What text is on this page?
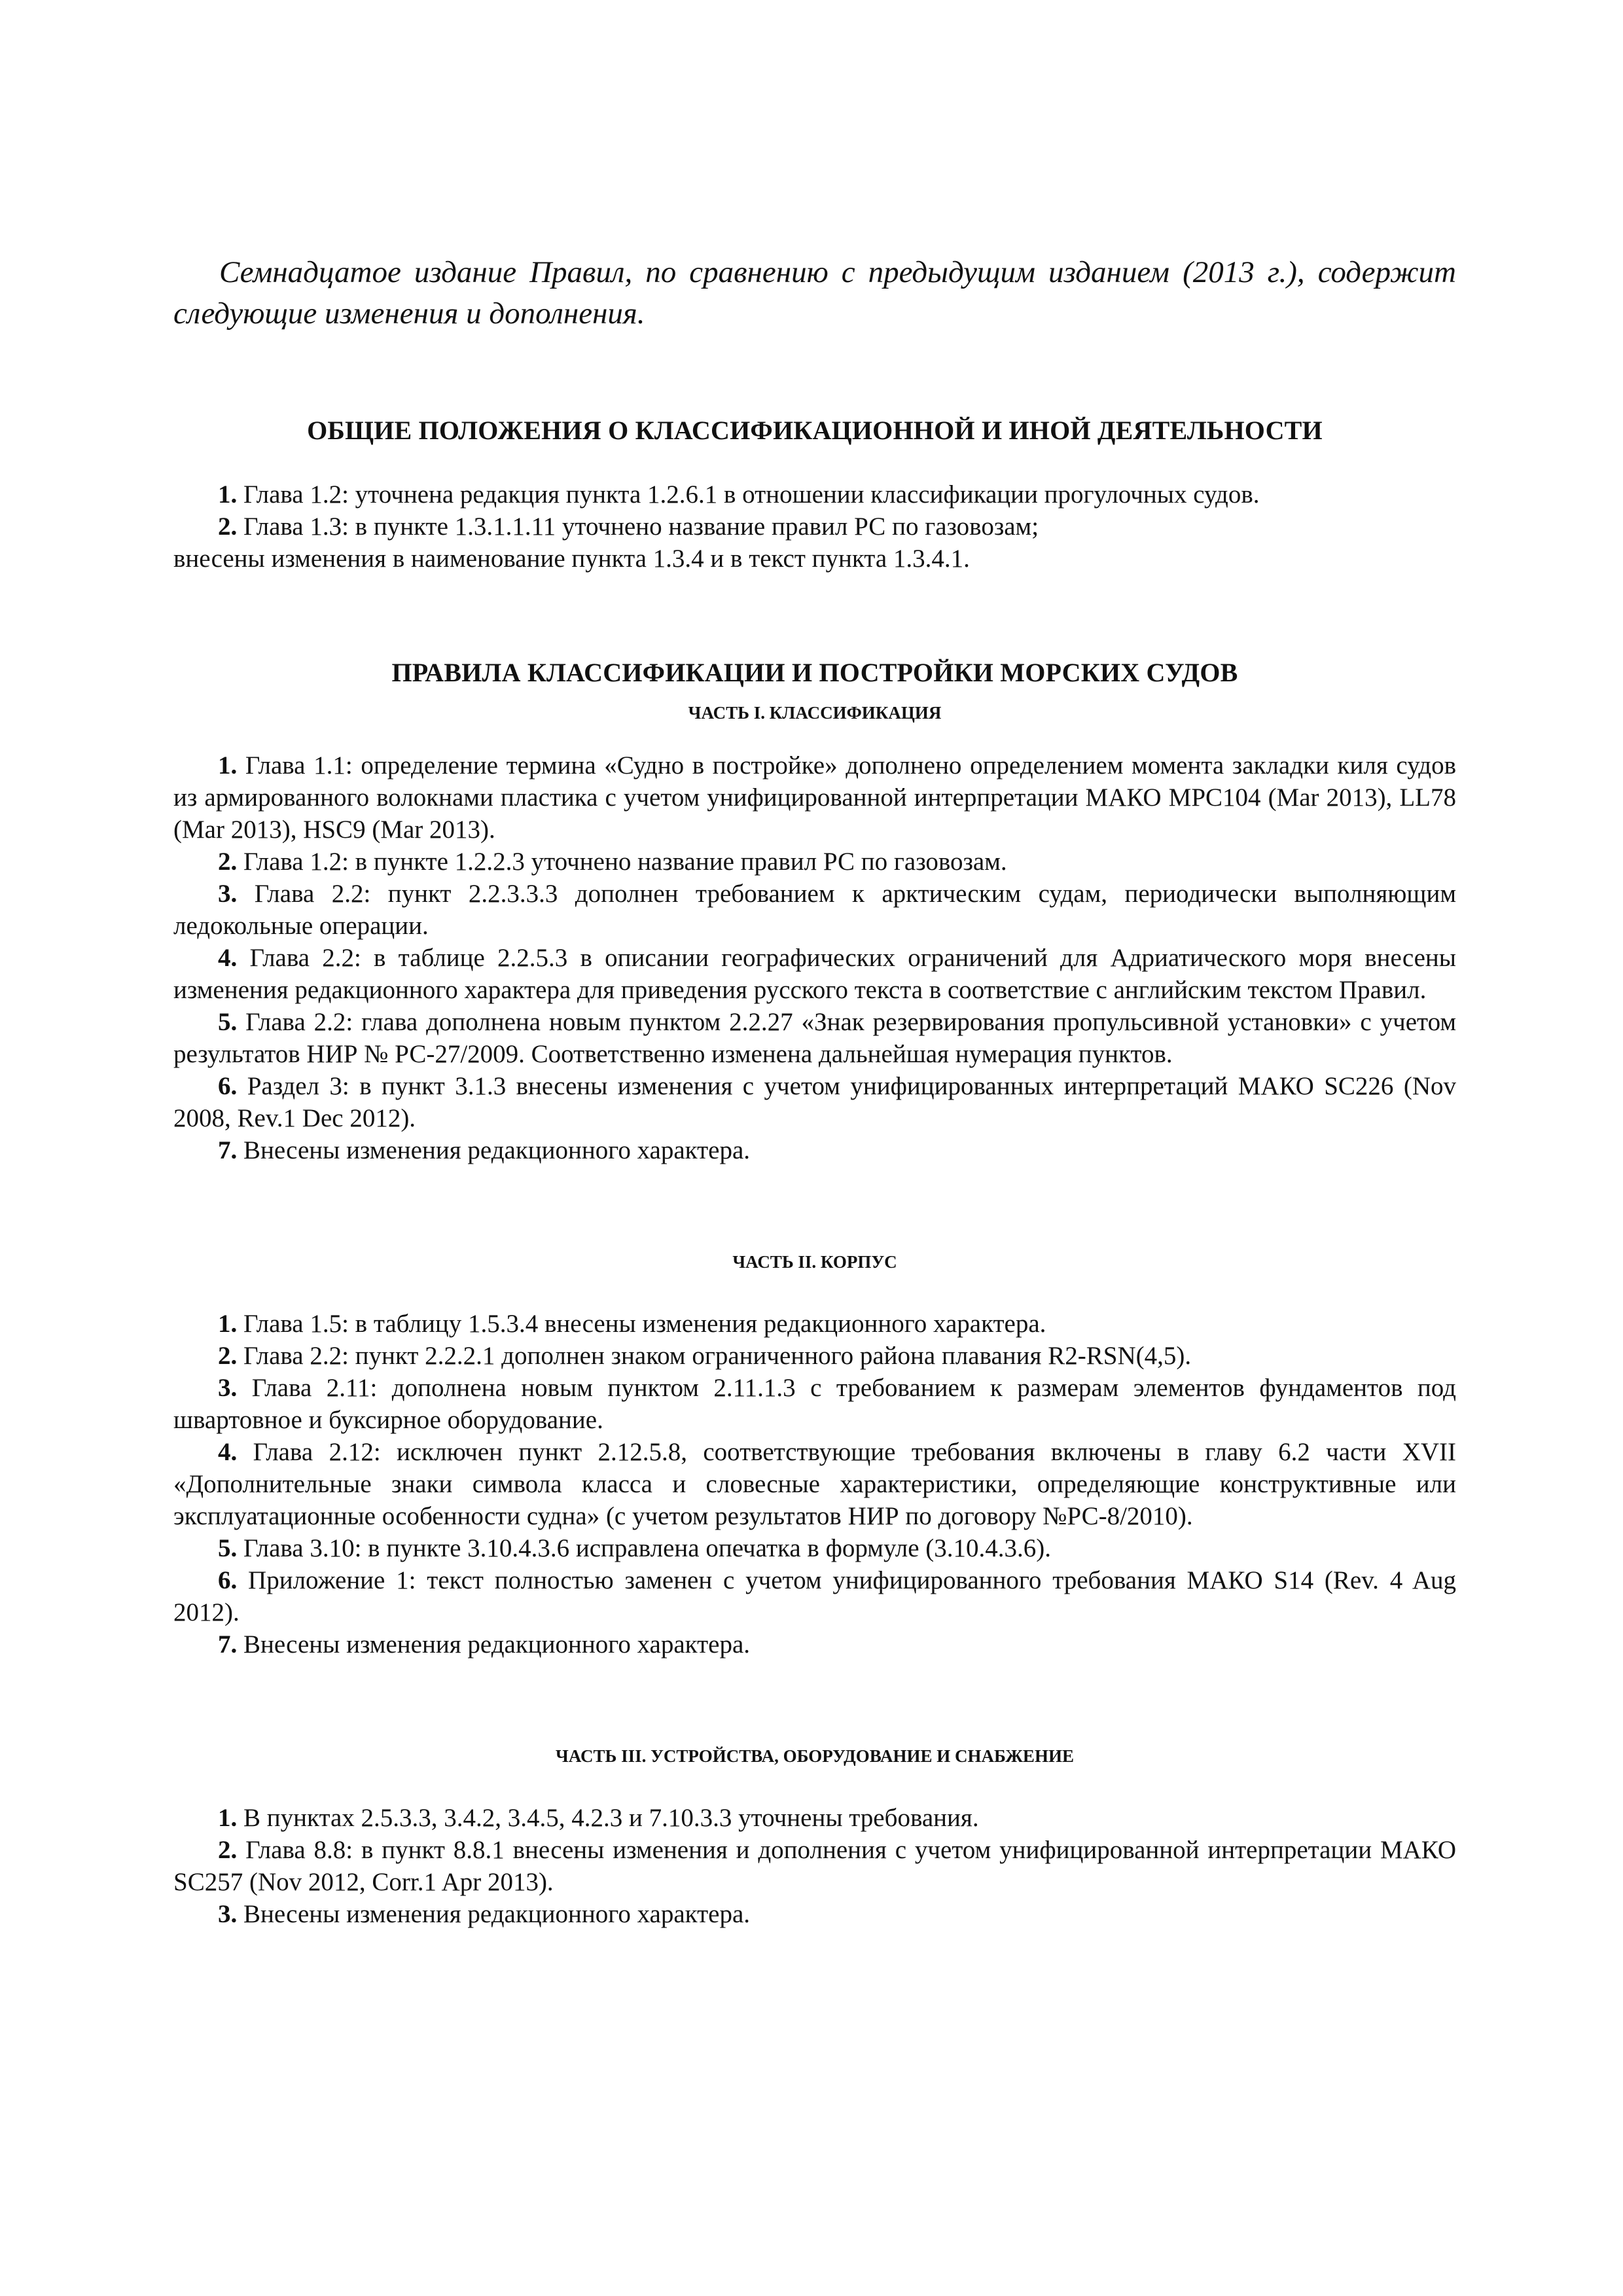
Семнадцатое издание Правил, по сравнению с предыдущим изданием (2013 г.), содержит следующие изменения и дополнения.

ОБЩИЕ ПОЛОЖЕНИЯ О КЛАССИФИКАЦИОННОЙ И ИНОЙ ДЕЯТЕЛЬНОСТИ

1. Глава 1.2: уточнена редакция пункта 1.2.6.1 в отношении классификации прогулочных судов.

2. Глава 1.3: в пункте 1.3.1.1.11 уточнено название правил РС по газовозам;

внесены изменения в наименование пункта 1.3.4 и в текст пункта 1.3.4.1.

ПРАВИЛА КЛАССИФИКАЦИИ И ПОСТРОЙКИ МОРСКИХ СУДОВ

ЧАСТЬ I. КЛАССИФИКАЦИЯ

1. Глава 1.1: определение термина «Судно в постройке» дополнено определением момента закладки киля судов из армированного волокнами пластика с учетом унифицированной интерпретации МАКО MPC104 (Mar 2013), LL78 (Mar 2013), HSC9 (Mar 2013).

2. Глава 1.2: в пункте 1.2.2.3 уточнено название правил РС по газовозам.

3. Глава 2.2: пункт 2.2.3.3.3 дополнен требованием к арктическим судам, периодически выполняющим ледокольные операции.

4. Глава 2.2: в таблице 2.2.5.3 в описании географических ограничений для Адриатического моря внесены изменения редакционного характера для приведения русского текста в соответствие с английским текстом Правил.

5. Глава 2.2: глава дополнена новым пунктом 2.2.27 «Знак резервирования пропульсивной установки» с учетом результатов НИР № РС-27/2009. Соответственно изменена дальнейшая нумерация пунктов.

6. Раздел 3: в пункт 3.1.3 внесены изменения с учетом унифицированных интерпретаций МАКО SC226 (Nov 2008, Rev.1 Dec 2012).

7. Внесены изменения редакционного характера.

ЧАСТЬ II. КОРПУС

1. Глава 1.5: в таблицу 1.5.3.4 внесены изменения редакционного характера.

2. Глава 2.2: пункт 2.2.2.1 дополнен знаком ограниченного района плавания R2-RSN(4,5).

3. Глава 2.11: дополнена новым пунктом 2.11.1.3 с требованием к размерам элементов фундаментов под швартовное и буксирное оборудование.

4. Глава 2.12: исключен пункт 2.12.5.8, соответствующие требования включены в главу 6.2 части XVII «Дополнительные знаки символа класса и словесные характеристики, определяющие конструктивные или эксплуатационные особенности судна» (с учетом результатов НИР по договору №РС-8/2010).

5. Глава 3.10: в пункте 3.10.4.3.6 исправлена опечатка в формуле (3.10.4.3.6).

6. Приложение 1: текст полностью заменен с учетом унифицированного требования МАКО S14 (Rev. 4 Aug 2012).

7. Внесены изменения редакционного характера.

ЧАСТЬ III. УСТРОЙСТВА, ОБОРУДОВАНИЕ И СНАБЖЕНИЕ

1. В пунктах 2.5.3.3, 3.4.2, 3.4.5, 4.2.3 и 7.10.3.3 уточнены требования.

2. Глава 8.8: в пункт 8.8.1 внесены изменения и дополнения с учетом унифицированной интерпретации МАКО SC257 (Nov 2012, Corr.1 Apr 2013).

3. Внесены изменения редакционного характера.
